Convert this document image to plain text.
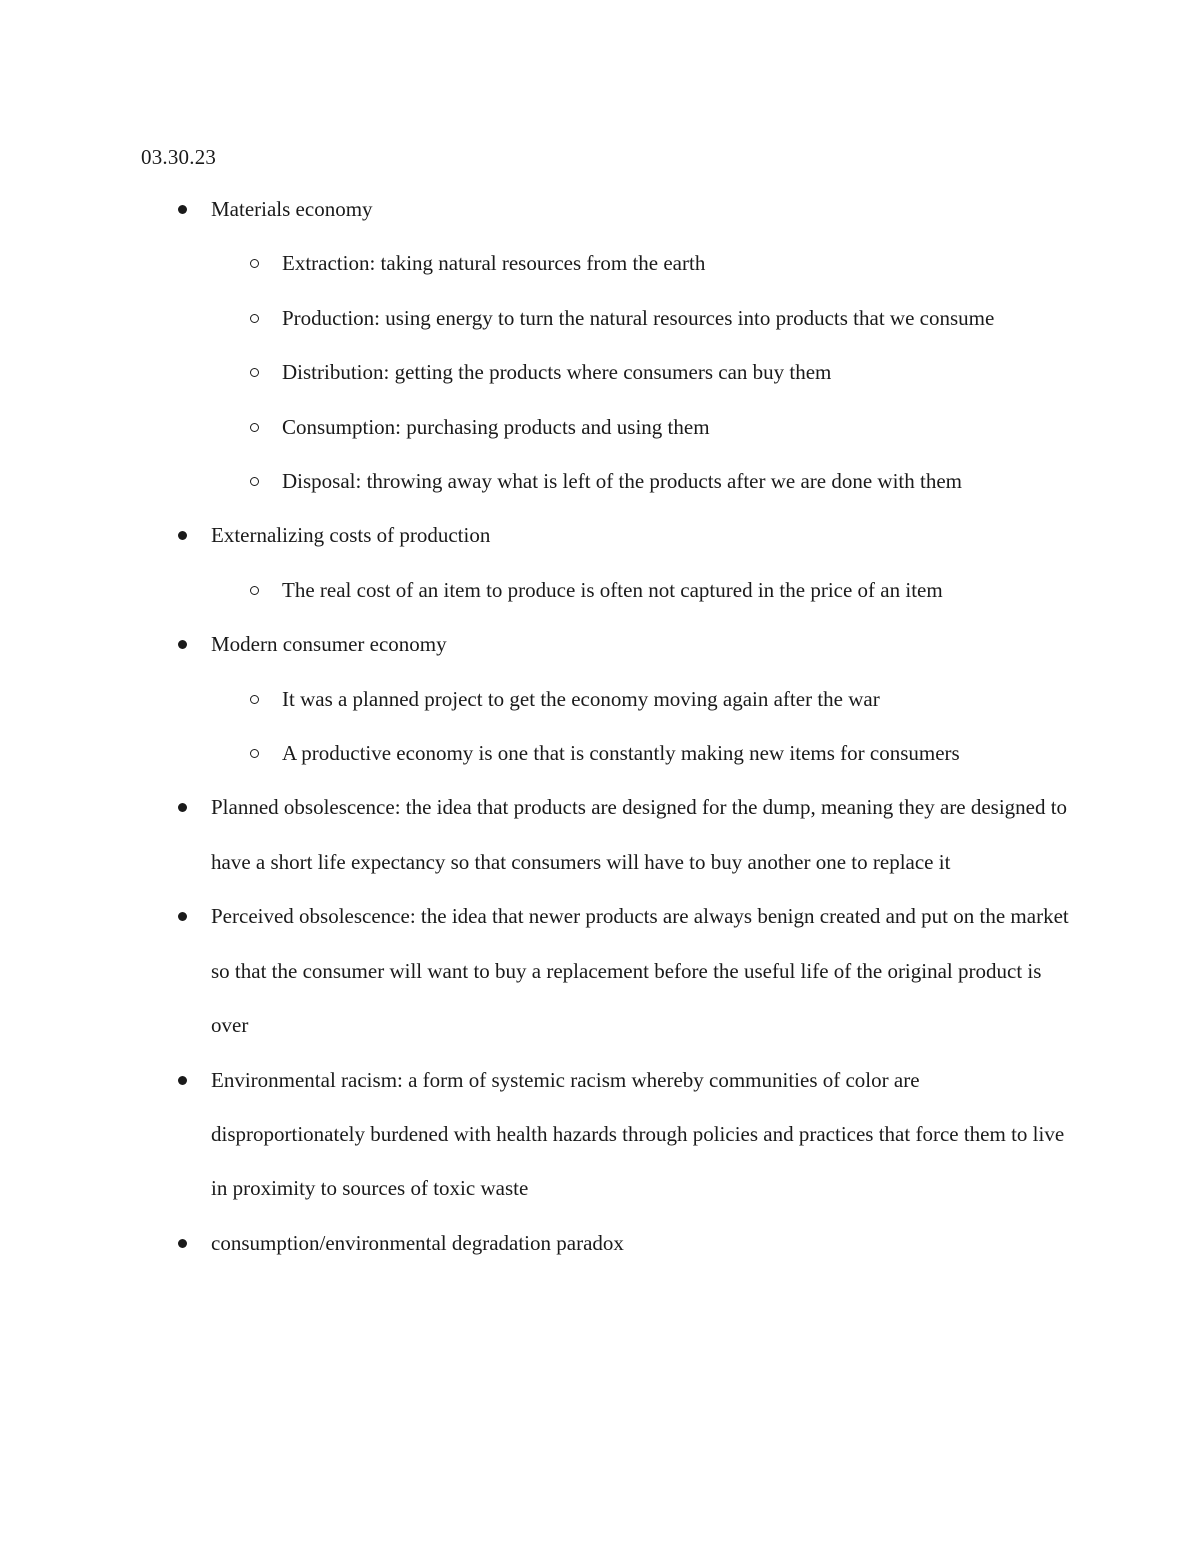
03.30.23
Materials economy
Extraction: taking natural resources from the earth
Production: using energy to turn the natural resources into products that we consume
Distribution: getting the products where consumers can buy them
Consumption: purchasing products and using them
Disposal: throwing away what is left of the products after we are done with them
Externalizing costs of production
The real cost of an item to produce is often not captured in the price of an item
Modern consumer economy
It was a planned project to get the economy moving again after the war
A productive economy is one that is constantly making new items for consumers
Planned obsolescence: the idea that products are designed for the dump, meaning they are designed to have a short life expectancy so that consumers will have to buy another one to replace it
Perceived obsolescence: the idea that newer products are always benign created and put on the market so that the consumer will want to buy a replacement before the useful life of the original product is over
Environmental racism: a form of systemic racism whereby communities of color are disproportionately burdened with health hazards through policies and practices that force them to live in proximity to sources of toxic waste
consumption/environmental degradation paradox
